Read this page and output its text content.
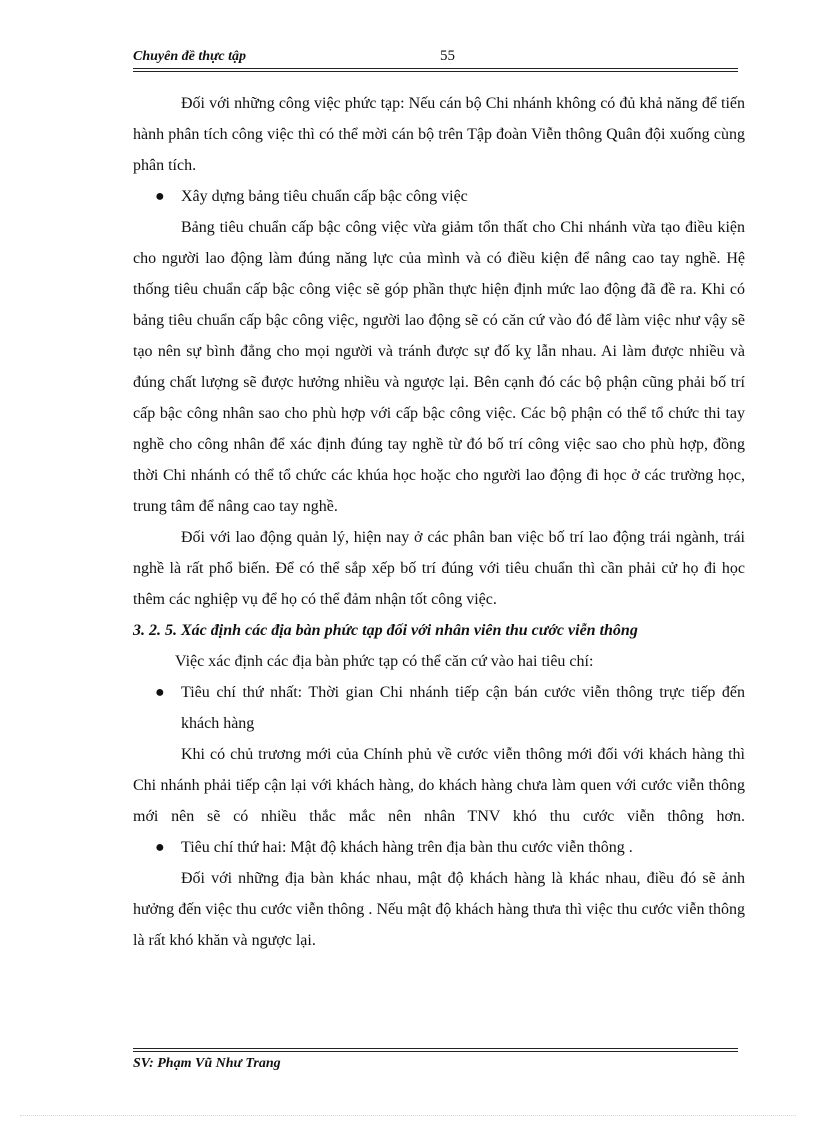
Chuyên đề thực tập	55

Đối với những công việc phức tạp: Nếu cán bộ Chi nhánh không có đủ khả năng để tiến hành phân tích công việc thì có thể mời cán bộ trên Tập đoàn Viễn thông Quân đội xuống cùng phân tích.

●	Xây dựng bảng tiêu chuẩn cấp bậc công việc

Bảng tiêu chuẩn cấp bậc công việc vừa giảm tổn thất cho Chi nhánh vừa tạo điều kiện cho người lao động làm đúng năng lực của mình và có điều kiện để nâng cao tay nghề. Hệ thống tiêu chuẩn cấp bậc công việc sẽ góp phần thực hiện định mức lao động đã đề ra. Khi có bảng tiêu chuẩn cấp bậc công việc, người lao động sẽ có căn cứ vào đó để làm việc như vậy sẽ tạo nên sự bình đẳng cho mọi người và tránh được sự đố kỵ lẫn nhau. Ai làm được nhiều và đúng chất lượng sẽ được hưởng nhiều và ngược lại. Bên cạnh đó các bộ phận cũng phải bố trí cấp bậc công nhân sao cho phù hợp với cấp bậc công việc. Các bộ phận có thể tổ chức thi tay nghề cho công nhân để xác định đúng tay nghề từ đó bố trí công việc sao cho phù hợp, đồng thời Chi nhánh có thể tổ chức các khúa học hoặc cho người lao động đi học ở các trường học, trung tâm để nâng cao tay nghề.

Đối với lao động quản lý, hiện nay ở các phân ban việc bố trí lao động trái ngành, trái nghề là rất phổ biến. Để có thể sắp xếp bố trí đúng với tiêu chuẩn thì cần phải cử họ đi học thêm các nghiệp vụ để họ có thể đảm nhận tốt công việc.

3. 2. 5. Xác định các địa bàn phức tạp đối với nhân viên thu cước viễn thông

Việc xác định các địa bàn phức tạp có thể căn cứ vào hai tiêu chí:

●	Tiêu chí thứ nhất: Thời gian Chi nhánh tiếp cận bán cước viễn thông trực tiếp đến khách hàng

Khi có chủ trương mới của Chính phủ về cước viễn thông mới đối với khách hàng thì Chi nhánh phải tiếp cận lại với khách hàng, do khách hàng chưa làm quen với cước viễn thông mới nên sẽ có nhiều thắc mắc nên nhân TNV khó thu cước viễn thông hơn.

●	Tiêu chí thứ hai: Mật độ khách hàng trên địa bàn thu cước viễn thông .

Đối với những địa bàn khác nhau, mật độ khách hàng là khác nhau, điều đó sẽ ảnh hưởng đến việc thu cước viễn thông . Nếu mật độ khách hàng thưa thì việc thu cước viễn thông là rất khó khăn và ngược lại.

SV: Phạm Vũ Như Trang
